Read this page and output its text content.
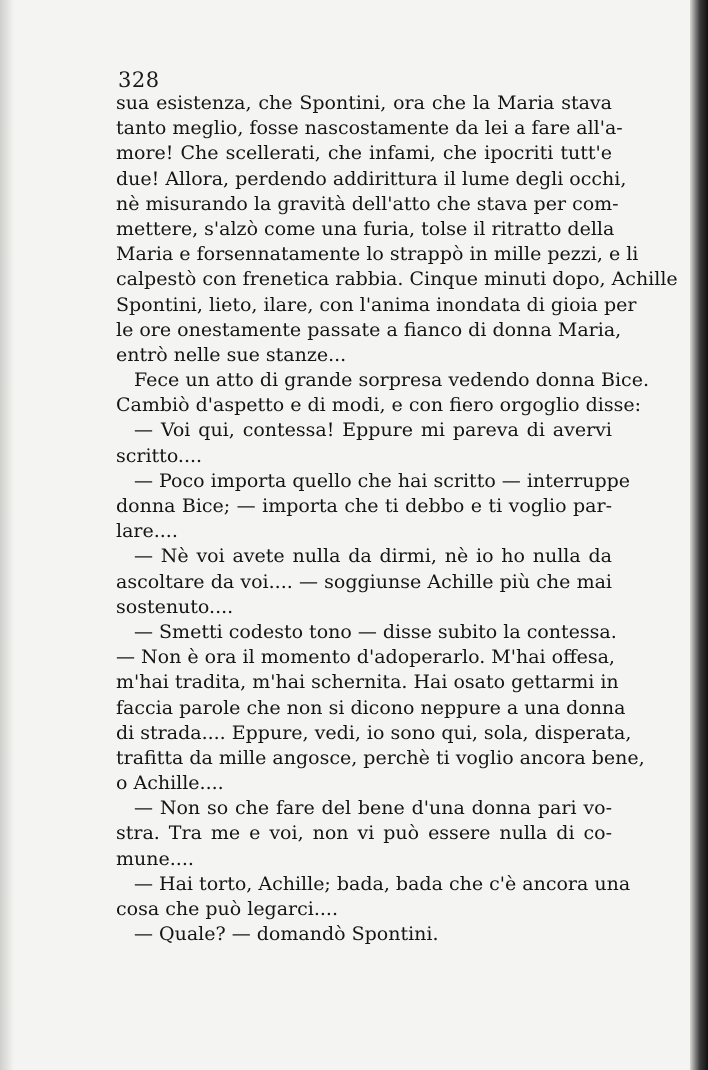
328
sua esistenza, che Spontini, ora che la Maria stava
tanto meglio, fosse nascostamente da lei a fare all'a-
more! Che scellerati, che infami, che ipocriti tutt'e
due! Allora, perdendo addirittura il lume degli occhi,
nè misurando la gravità dell'atto che stava per com-
mettere, s'alzò come una furia, tolse il ritratto della
Maria e forsennatamente lo strappò in mille pezzi, e li
calpestò con frenetica rabbia. Cinque minuti dopo, Achille
Spontini, lieto, ilare, con l'anima inondata di gioia per
le ore onestamente passate a fianco di donna Maria,
entrò nelle sue stanze...
Fece un atto di grande sorpresa vedendo donna Bice.
Cambiò d'aspetto e di modi, e con fiero orgoglio disse:
— Voi qui, contessa! Eppure mi pareva di avervi
scritto....
— Poco importa quello che hai scritto — interruppe
donna Bice; — importa che ti debbo e ti voglio par-
lare....
— Nè voi avete nulla da dirmi, nè io ho nulla da
ascoltare da voi.... — soggiunse Achille più che mai
sostenuto....
— Smetti codesto tono — disse subito la contessa.
— Non è ora il momento d'adoperarlo. M'hai offesa,
m'hai tradita, m'hai schernita. Hai osato gettarmi in
faccia parole che non si dicono neppure a una donna
di strada.... Eppure, vedi, io sono qui, sola, disperata,
trafitta da mille angosce, perchè ti voglio ancora bene,
o Achille....
— Non so che fare del bene d'una donna pari vo-
stra. Tra me e voi, non vi può essere nulla di co-
mune....
— Hai torto, Achille; bada, bada che c'è ancora una
cosa che può legarci....
— Quale? — domandò Spontini.
